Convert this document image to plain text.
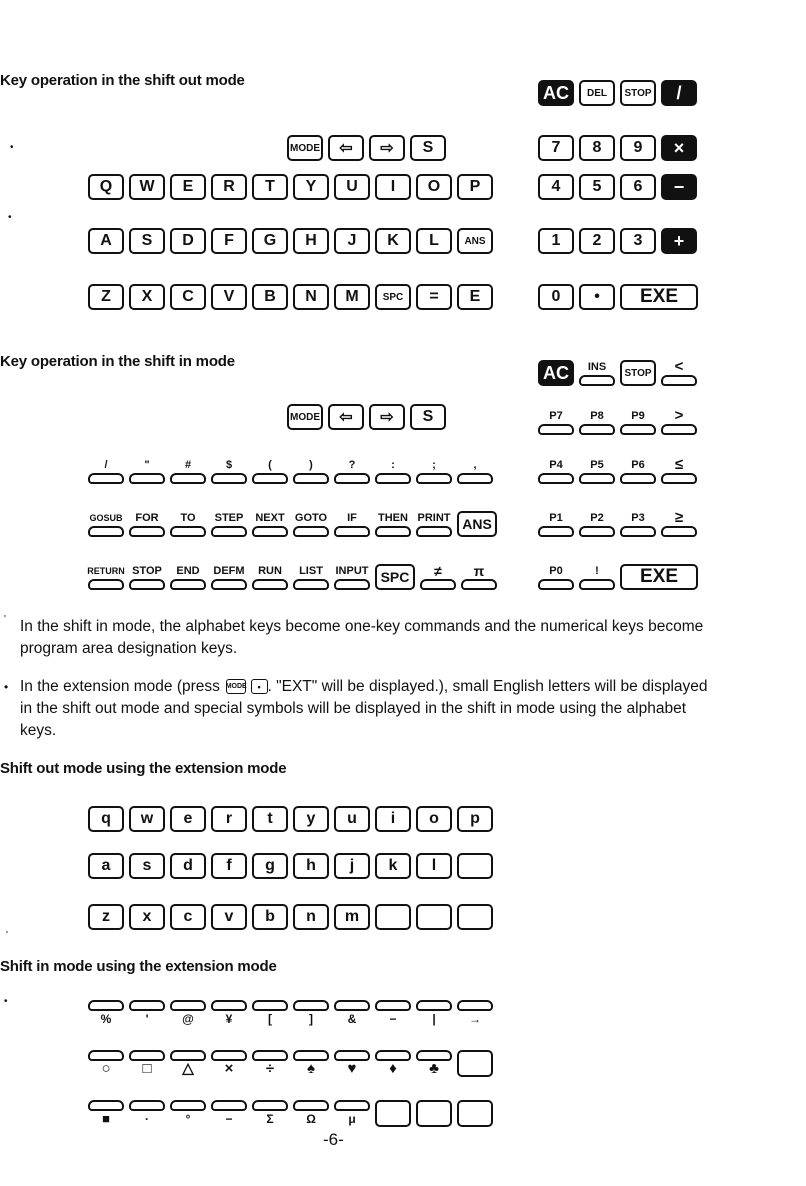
Key operation in the shift out mode
AC	DEL	STOP	/
•	MODE	⇦	⇨	S	7	8	9	×
Q	W	E	R	T	Y	U	I	O	P	4	5	6	−
•
A	S	D	F	G	H	J	K	L	ANS	1	2	3	+
Z	X	C	V	B	N	M	SPC	=	E	0	•	EXE
Key operation in the shift in mode
AC	INS	STOP <
MODE	⇦	⇨	S	P7	P8	P9 >
/	"	#	$	(	)	?	:	;	,	P4	P5	P6 ≤
GOSUB FOR TO STEP NEXT GOTO IF THEN PRINT ANS	P1	P2	P3 ≥
RETURN STOP END DEFM RUN LIST INPUT SPC	≠ π	P0	!	EXE
' In the shift in mode, the alphabet keys become one-key commands and the numerical keys become program area designation keys.
• In the extension mode (press MODE • . "EXT" will be displayed.), small English letters will be displayed in the shift out mode and special symbols will be displayed in the shift in mode using the alphabet keys.
Shift out mode using the extension mode
q	w	e	r	t	y	u	i	o	p
a	s	d	f	g	h	j	k	l
z	x	c	v	b	n	m
'
Shift in mode using the extension mode
•
%	'	@	¥	[	]	&	−	|	→
○ □ △ × ÷ ♠ ♥ ♦ ♣
■	·	°	−	Σ	Ω	μ
-6-
